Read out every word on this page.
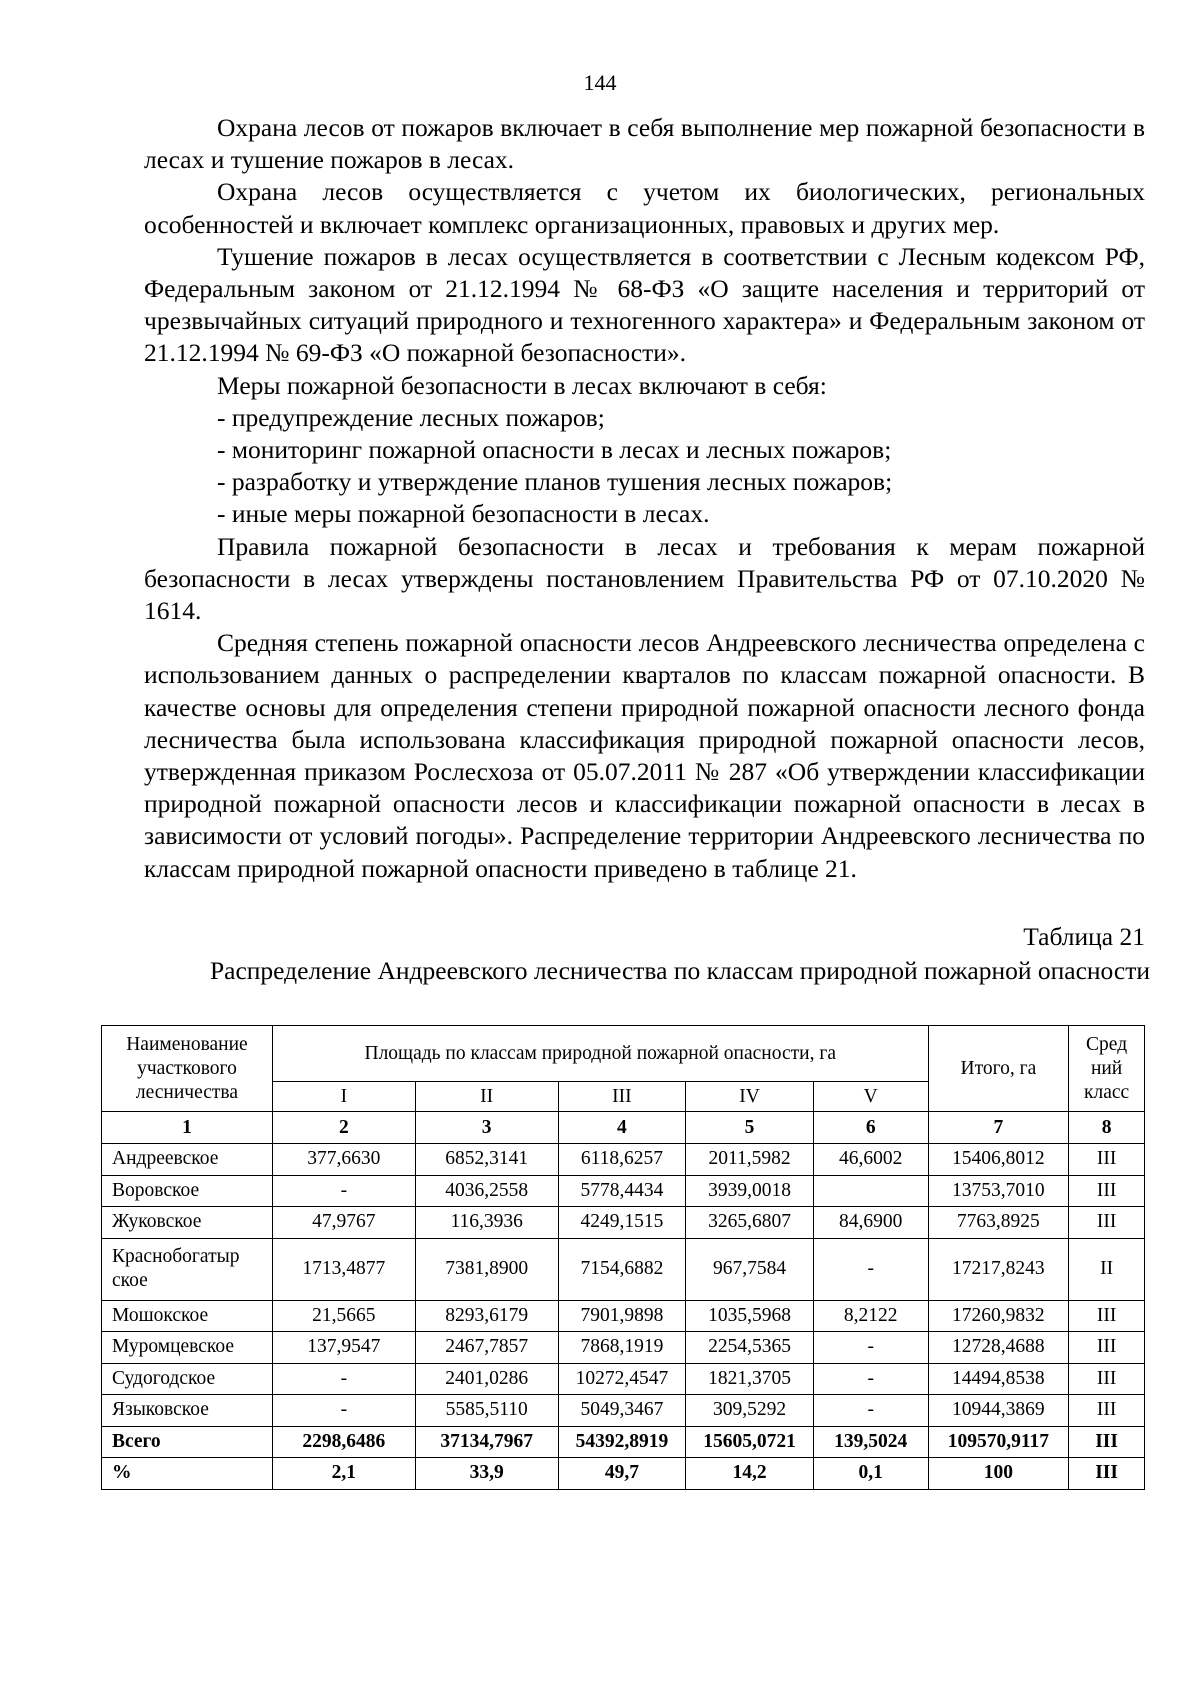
144

Охрана лесов от пожаров включает в себя выполнение мер пожарной безопасности в лесах и тушение пожаров в лесах.

Охрана лесов осуществляется с учетом их биологических, региональных особенностей и включает комплекс организационных, правовых и других мер.

Тушение пожаров в лесах осуществляется в соответствии с Лесным кодексом РФ, Федеральным законом от 21.12.1994 № 68-ФЗ «О защите населения и территорий от чрезвычайных ситуаций природного и техногенного характера» и Федеральным законом от 21.12.1994 № 69-ФЗ «О пожарной безопасности».

Меры пожарной безопасности в лесах включают в себя:

- предупреждение лесных пожаров;

- мониторинг пожарной опасности в лесах и лесных пожаров;

- разработку и утверждение планов тушения лесных пожаров;

- иные меры пожарной безопасности в лесах.

Правила пожарной безопасности в лесах и требования к мерам пожарной безопасности в лесах утверждены постановлением Правительства РФ от 07.10.2020 № 1614.

Средняя степень пожарной опасности лесов Андреевского лесничества определена с использованием данных о распределении кварталов по классам пожарной опасности. В качестве основы для определения степени природной пожарной опасности лесного фонда лесничества была использована классификация природной пожарной опасности лесов, утвержденная приказом Рослесхоза от 05.07.2011 № 287 «Об утверждении классификации природной пожарной опасности лесов и классификации пожарной опасности в лесах в зависимости от условий погоды». Распределение территории Андреевского лесничества по классам природной пожарной опасности приведено в таблице 21.

Таблица 21
Распределение Андреевского лесничества по классам природной пожарной опасности
Наименование участкового лесничества	Площадь по классам природной пожарной опасности, га					Итого, га	Сред ний класс
	I	II	III	IV	V		
1	2	3	4	5	6	7	8
Андреевское	377,6630	6852,3141	6118,6257	2011,5982	46,6002	15406,8012	III
Воровское	-	4036,2558	5778,4434	3939,0018		13753,7010	III
Жуковское	47,9767	116,3936	4249,1515	3265,6807	84,6900	7763,8925	III
Краснобогатыр ское	1713,4877	7381,8900	7154,6882	967,7584	-	17217,8243	II
Мошокское	21,5665	8293,6179	7901,9898	1035,5968	8,2122	17260,9832	III
Муромцевское	137,9547	2467,7857	7868,1919	2254,5365	-	12728,4688	III
Судогодское	-	2401,0286	10272,4547	1821,3705	-	14494,8538	III
Языковское	-	5585,5110	5049,3467	309,5292	-	10944,3869	III
Всего	2298,6486	37134,7967	54392,8919	15605,0721	139,5024	109570,9117	III
%	2,1	33,9	49,7	14,2	0,1	100	III
